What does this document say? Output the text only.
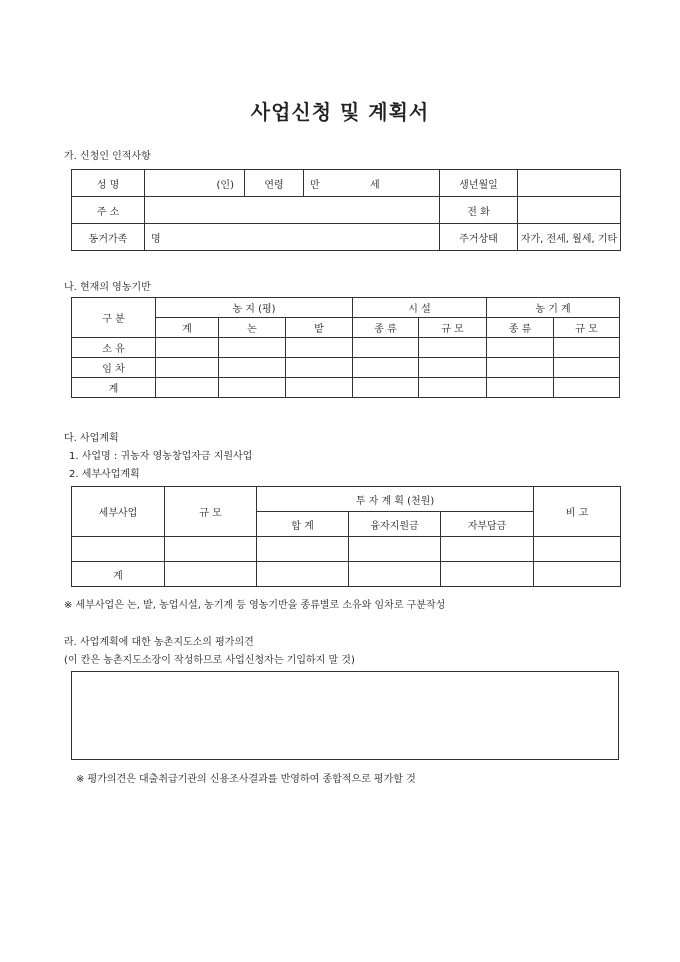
사업신청 및 계획서
가. 신청인 인적사항
성 명	(인)	연령	만 세	생년월일	
주 소				전 화	
동거가족	명			주거상태	자가, 전세, 월세, 기타
나. 현재의 영농기반
구 분	농 지 (평)			시 설		농 기 계	
	계	논	밭	종 류	규 모	종 류	규 모
소 유							
임 차							
계							
다. 사업계획
1. 사업명 : 귀농자 영농창업자금 지원사업
2. 세부사업계획
세부사업	규 모	투 자 계 획 (천원)			비 고
		합 계	융자지원금	자부담금	

계					
※ 세부사업은 논, 밭, 농업시설, 농기계 등 영농기반을 종류별로 소유와 임차로 구분작성
라. 사업계획에 대한 농촌지도소의 평가의견
(이 칸은 농촌지도소장이 작성하므로 사업신청자는 기입하지 말 것)
※ 평가의견은 대출취급기관의 신용조사결과를 반영하여 종합적으로 평가할 것
